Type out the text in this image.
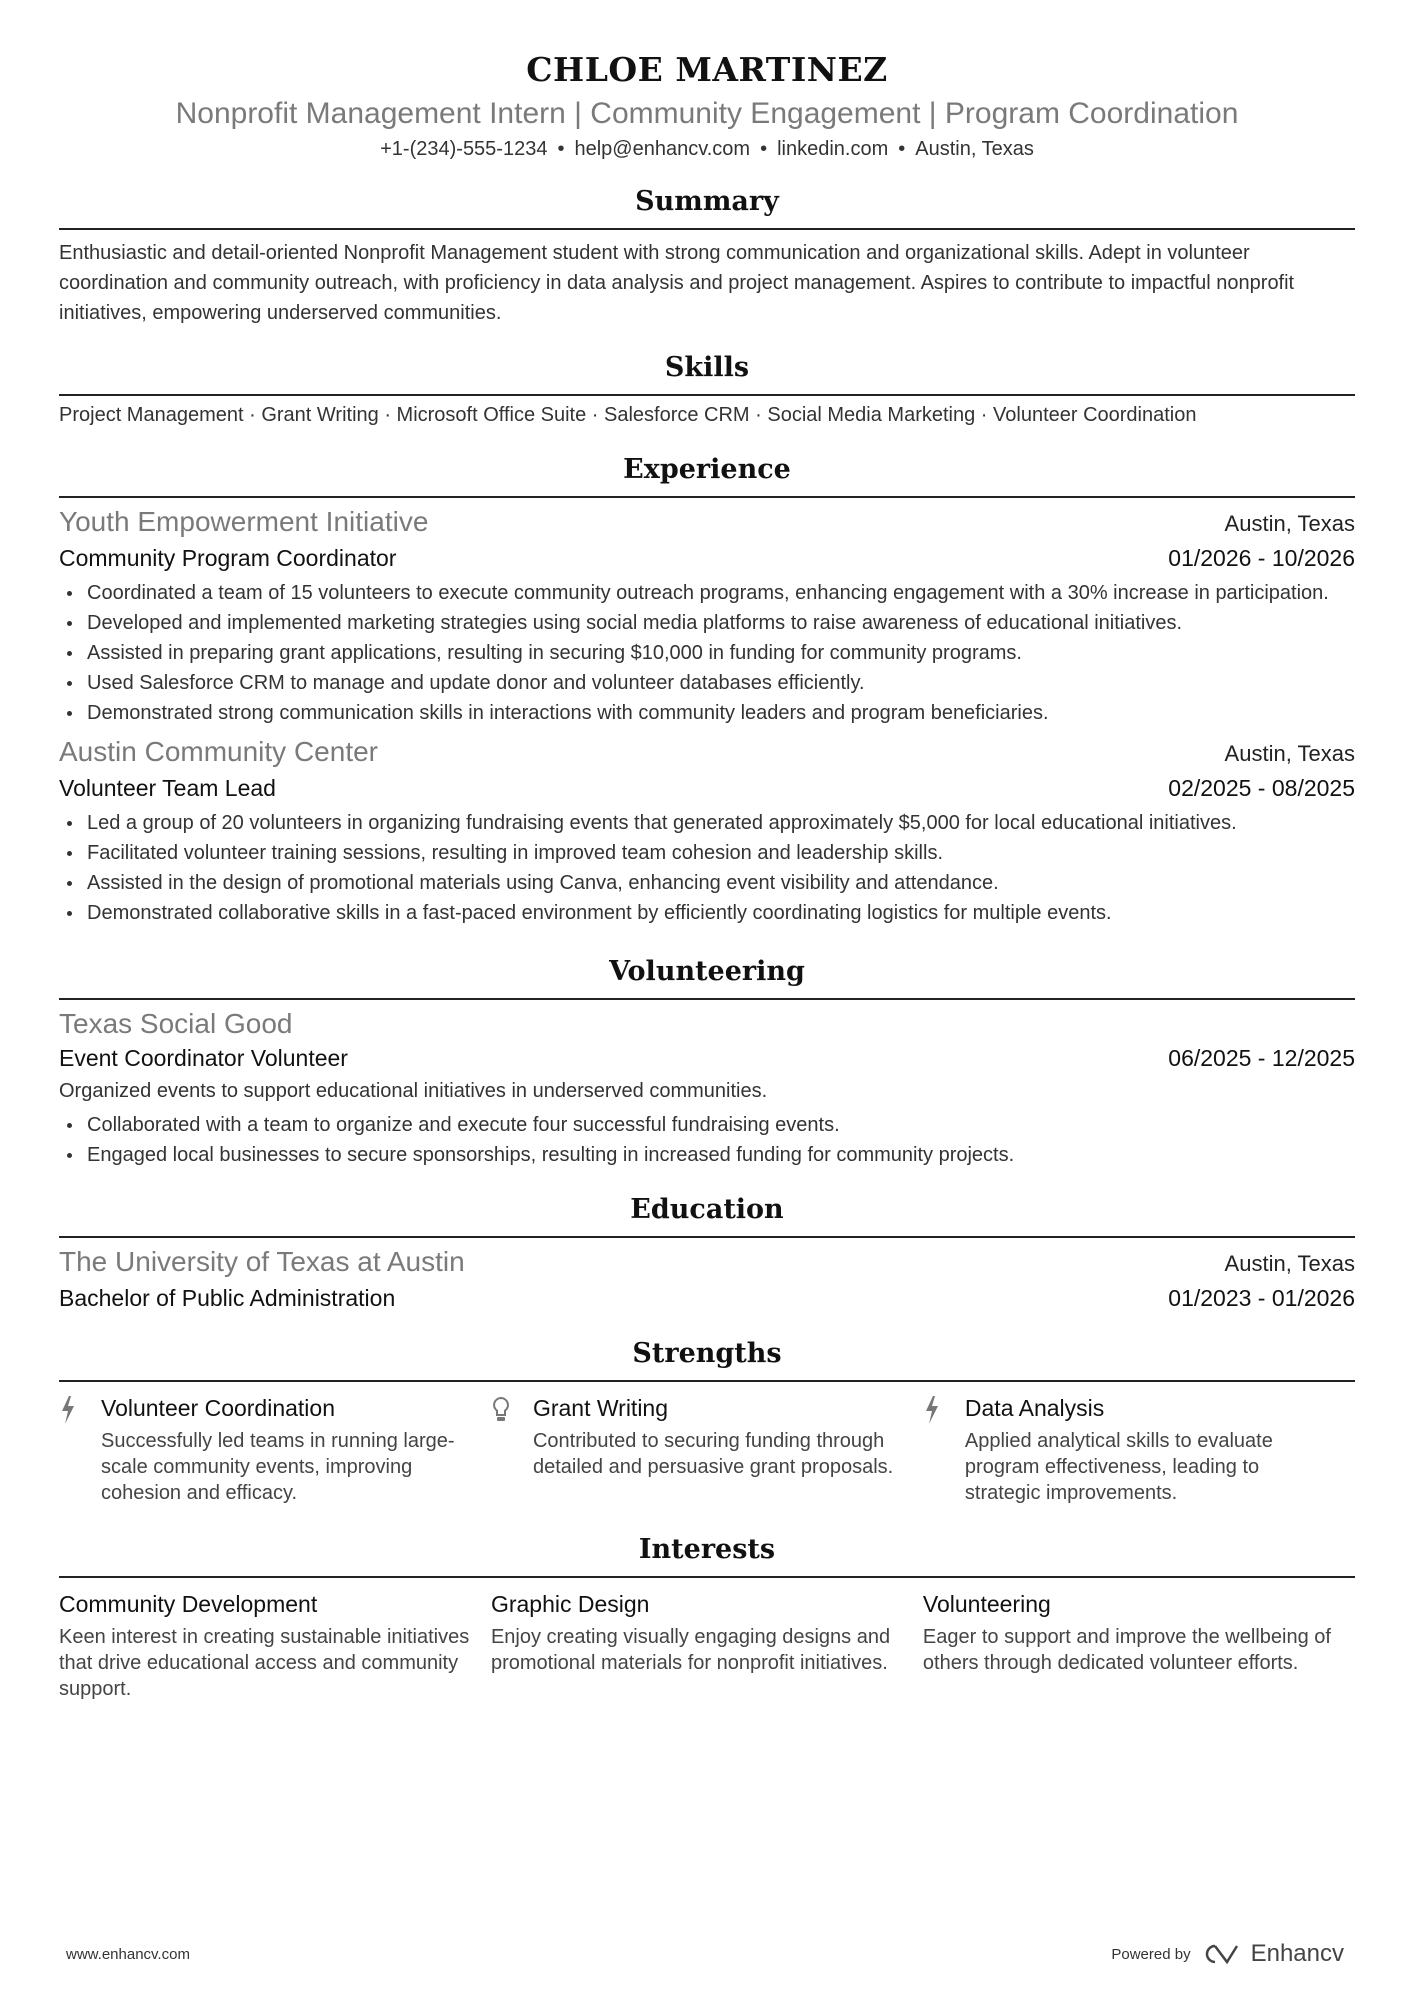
CHLOE MARTINEZ
Nonprofit Management Intern | Community Engagement | Program Coordination
+1-(234)-555-1234 • help@enhancv.com • linkedin.com • Austin, Texas
Summary
Enthusiastic and detail-oriented Nonprofit Management student with strong communication and organizational skills. Adept in volunteer coordination and community outreach, with proficiency in data analysis and project management. Aspires to contribute to impactful nonprofit initiatives, empowering underserved communities.
Skills
Project Management · Grant Writing · Microsoft Office Suite · Salesforce CRM · Social Media Marketing · Volunteer Coordination
Experience
Youth Empowerment Initiative	Austin, Texas
Community Program Coordinator	01/2026 - 10/2026
Coordinated a team of 15 volunteers to execute community outreach programs, enhancing engagement with a 30% increase in participation.
Developed and implemented marketing strategies using social media platforms to raise awareness of educational initiatives.
Assisted in preparing grant applications, resulting in securing $10,000 in funding for community programs.
Used Salesforce CRM to manage and update donor and volunteer databases efficiently.
Demonstrated strong communication skills in interactions with community leaders and program beneficiaries.
Austin Community Center	Austin, Texas
Volunteer Team Lead	02/2025 - 08/2025
Led a group of 20 volunteers in organizing fundraising events that generated approximately $5,000 for local educational initiatives.
Facilitated volunteer training sessions, resulting in improved team cohesion and leadership skills.
Assisted in the design of promotional materials using Canva, enhancing event visibility and attendance.
Demonstrated collaborative skills in a fast-paced environment by efficiently coordinating logistics for multiple events.
Volunteering
Texas Social Good
Event Coordinator Volunteer	06/2025 - 12/2025
Organized events to support educational initiatives in underserved communities.
Collaborated with a team to organize and execute four successful fundraising events.
Engaged local businesses to secure sponsorships, resulting in increased funding for community projects.
Education
The University of Texas at Austin	Austin, Texas
Bachelor of Public Administration	01/2023 - 01/2026
Strengths
Volunteer Coordination
Successfully led teams in running large-scale community events, improving cohesion and efficacy.
Grant Writing
Contributed to securing funding through detailed and persuasive grant proposals.
Data Analysis
Applied analytical skills to evaluate program effectiveness, leading to strategic improvements.
Interests
Community Development
Keen interest in creating sustainable initiatives that drive educational access and community support.
Graphic Design
Enjoy creating visually engaging designs and promotional materials for nonprofit initiatives.
Volunteering
Eager to support and improve the wellbeing of others through dedicated volunteer efforts.
www.enhancv.com	Powered by	Enhancv
